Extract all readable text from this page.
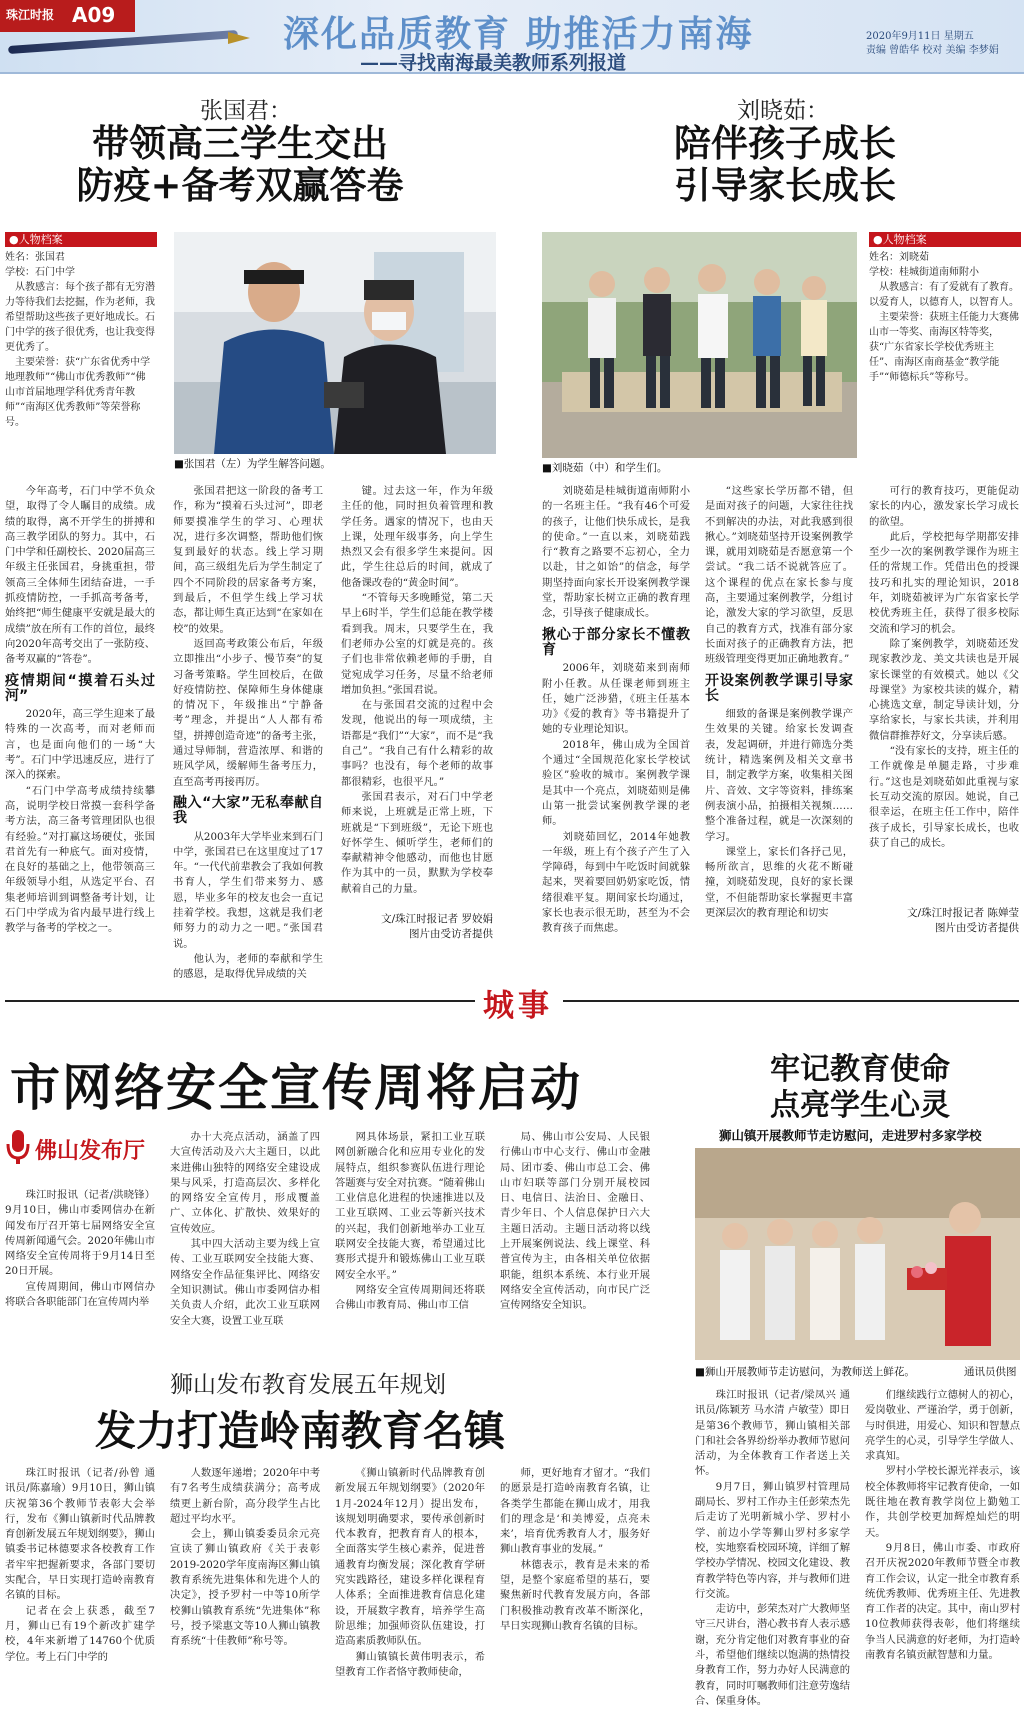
珠江时报 A09	深化品质教育 助推活力南海
——寻找南海最美教师系列报道
2020年9月11日 星期五
责编 曾皓华 校对 美编 李梦娟
张国君：
带领高三学生交出
防疫+备考双赢答卷
●人物档案
姓名：张国君
学校：石门中学
从教感言：每个孩子都有无穷潜力等待我们去挖掘，作为老师，我希望帮助这些孩子更好地成长。石门中学的孩子很优秀，也让我变得更优秀了。
主要荣誉：获“广东省优秀中学地理教师”“佛山市优秀教师”“佛山市首届地理学科优秀青年教师”“南海区优秀教师”等荣誉称号。
■张国君（左）为学生解答问题。

今年高考，石门中学不负众望，取得了令人瞩目的成绩。成绩的取得，离不开学生的拼搏和高三教学团队的努力。其中，石门中学和任副校长、2020届高三年级主任张国君，身挑重担，带领高三全体师生团结奋进，一手抓疫情防控，一手抓高考备考，始终把“师生健康平安就是最大的成绩”放在所有工作的首位，最终向2020年高考交出了一张防疫、备考双赢的“答卷”。

疫情期间“摸着石头过河”

2020年，高三学生迎来了最特殊的一次高考，而对老师而言，也是面向他们的一场“大考”。石门中学迅速反应，进行了深入的探索。

“石门中学高考成绩持续攀高，说明学校日常摸一套科学备考方法，高三备考管理团队也很有经验。”对打赢这场硬仗，张国君首先有一种底气。面对疫情，在良好的基础之上，他带领高三年级领导小组，从选定平台、召集老师培训到调整备考计划，让石门中学成为省内最早进行线上教学与备考的学校之一。

张国君把这一阶段的备考工作，称为“摸着石头过河”，即老师要摸准学生的学习、心理状况，进行多次调整，帮助他们恢复到最好的状态。线上学习期间，高三级组先后为学生制定了四个不同阶段的居家备考方案，到最后，不但学生线上学习状态，都让师生真正达到“在家如在校”的效果。

返回高考政策公布后，年级立即推出“小步子、慢节奏”的复习备考策略。学生回校后，在做好疫情防控、保障师生身体健康的情况下，年级推出“宁静备考”理念，并提出“人人都有希望，拼搏创造奇迹”的备考主张，通过导师制，营造浓厚、和谐的班风学风，缓解师生备考压力，直至高考再接再厉。

融入“大家”无私奉献自我

从2003年大学毕业来到石门中学，张国君已在这里度过了17年。“一代代前辈教会了我如何教书育人，学生们带来努力、感恩，毕业多年的校友也会一直记挂着学校。我想，这就是我们老师努力的动力之一吧。”张国君说。

他认为，老师的奉献和学生的感恩，是取得优异成绩的关

键。过去这一年，作为年级主任的他，同时担负着管理和教学任务。遇家的情况下，也由天上课，处理年级事务，向上学生热烈又会有很多学生来提问。因此，学生往总后的时间，就成了他备课改卷的“黄金时间”。

“不管每天多晚睡觉，第二天早上6时半，学生们总能在教学楼看到我。周末，只要学生在，我们老师办公室的灯就是亮的。孩子们也非常依赖老师的手册，自觉宛成学习任务，尽量不给老师增加负担。”张国君说。

在与张国君交流的过程中会发现，他说出的每一项成绩，主语都是“我们”“大家”，而不是“我自己”。“我自己有什么精彩的故事吗？也没有，每个老师的故事都很精彩，也很平凡。”

张国君表示，对石门中学老师来说，上班就是正常上班，下班就是“下到班级”，无论下班也好怀学生、倾听学生，老师们的奉献精神令他感动，而他也甘愿作为其中的一员，默默为学校奉献着自己的力量。

文/珠江时报记者 罗姣娟
图片由受访者提供
刘晓茹：
陪伴孩子成长
引导家长成长
■刘晓茹（中）和学生们。
●人物档案
姓名：刘晓茹
学校：桂城街道南师附小
从教感言：有了爱就有了教育。以爱育人，以德育人，以智育人。
主要荣誉：获班主任能力大赛佛山市一等奖、南海区特等奖，获“广东省家长学校优秀班主任”、南海区南商基金“教学能手”“师德标兵”等称号。

刘晓茹是桂城街道南师附小的一名班主任。“我有46个可爱的孩子，让他们快乐成长，是我的使命。”一直以来，刘晓茹践行“教育之路要不忘初心，全力以赴，甘之如饴”的信念，每学期坚持面向家长开设案例教学课堂，帮助家长树立正确的教育理念，引导孩子健康成长。

揪心于部分家长不懂教育

2006年，刘晓茹来到南师附小任教。从任课老师到班主任，她广泛涉猎，《班主任基本功》《爱的教育》等书籍提升了她的专业理论知识。

2018年，佛山成为全国首个通过“全国规范化家长学校试验区”验收的城市。案例教学课是其中一个亮点，刘晓茹则是佛山第一批尝试案例教学课的老师。

刘晓茹回忆，2014年她教一年级，班上有个孩子产生了入学障碍，每到中午吃饭时间就躲起来，哭着要回奶奶家吃饭，情绪很难平复。期间家长均通过，家长也表示很无助，甚至为不会教育孩子而焦虑。

“这些家长学历都不错，但是面对孩子的问题，大家往往找不到解决的办法，对此我感到很揪心。”刘晓茹坚持开设案例教学课，就用刘晓茹是否愿意第一个尝试。“我二话不说就答应了。这个课程的优点在家长参与度高，主要通过案例教学，分组讨论，激发大家的学习欲望，反思自己的教育方式，找准有部分家长面对孩子的正确教育方法，把班级管理变得更加正确地教育。”

开设案例教学课引导家长

细致的备课是案例教学课产生效果的关键。给家长发调查表，发起调研，并进行筛选分类统计，精选案例及相关文章书目，制定教学方案，收集相关图片、音效、文字等资料，排练案例表演小品，拍摄相关视频……整个准备过程，就是一次深刻的学习。

课堂上，家长们各抒己见，畅所欲言，思维的火花不断碰撞，刘晓茹发现，良好的家长课堂，不但能帮助家长掌握更丰富更深层次的教育理论和切实

可行的教育技巧，更能促动家长的内心，激发家长学习成长的欲望。

此后，学校把每学期都安排至少一次的案例教学课作为班主任的常规工作。凭借出色的授课技巧和扎实的理论知识，2018年，刘晓茹被评为广东省家长学校优秀班主任，获得了很多校际交流和学习的机会。

除了案例教学，刘晓茹还发现家教沙龙、美文共读也是开展家长课堂的有效模式。她以《父母课堂》为家校共读的媒介，精心挑选文章，制定导读计划，分享给家长，与家长共读，并利用微信群推荐好文，分享读后感。

“没有家长的支持，班主任的工作就像是单腿走路，寸步难行。”这也是刘晓茹如此重视与家长互动交流的原因。她说，自己很幸运，在班主任工作中，陪伴孩子成长，引导家长成长，也收获了自己的成长。

文/珠江时报记者 陈婵莹
图片由受访者提供
城事
市网络安全宣传周将启动
佛山发布厅

珠江时报讯（记者/洪晓锋）9月10日，佛山市委网信办在新闻发布厅召开第七届网络安全宣传周新闻通气会。2020年佛山市网络安全宣传周将于9月14日至20日开展。

宣传周期间，佛山市网信办将联合各职能部门在宣传周内举

办十大亮点活动，涵盖了四大宣传活动及六大主题日，以此来进佛山独特的网络安全建设成果与风采，打造高层次、多样化的网络安全宣传月，形成覆盖广、立体化、扩散快、效果好的宣传效应。

其中四大活动主要为线上宣传、工业互联网安全技能大赛、网络安全作品征集评比、网络安全知识测试。佛山市委网信办相关负责人介绍，此次工业互联网安全大赛，设置工业互联

网具体场景，紧扣工业互联网创新融合化和应用专业化的发展特点，组织参赛队伍进行理论答题赛与安全对抗赛。“随着佛山工业信息化进程的快速推进以及工业互联网、工业云等新兴技术的兴起，我们创新地举办工业互联网安全技能大赛，希望通过比赛形式提升和锻炼佛山工业互联网安全水平。”

网络安全宣传周期间还将联合佛山市教育局、佛山市工信

局、佛山市公安局、人民银行佛山市中心支行、佛山市金融局、团市委、佛山市总工会、佛山市妇联等部门分别开展校园日、电信日、法治日、金融日、青少年日、个人信息保护日六大主题日活动。主题日活动将以线上开展案例说法、线上课堂、科普宣传为主，由各相关单位依据职能，组织本系统、本行业开展网络安全宣传活动，向市民广泛宣传网络安全知识。

狮山发布教育发展五年规划
发力打造岭南教育名镇

珠江时报讯（记者/孙曾 通讯员/陈嘉瑜）9月10日，狮山镇庆祝第36个教师节表彰大会举行，发布《狮山镇新时代品牌教育创新发展五年规划纲要》，狮山镇委书记林德要求各校教育工作者牢牢把握新要求，各部门要切实配合，早日实现打造岭南教育名镇的目标。

记者在会上获悉，截至7月，狮山已有19个新改扩建学校，4年来新增了14760个优质学位。考上石门中学的

人数逐年递增；2020年中考有7名考生成绩获满分；高考成绩更上新台阶，高分段学生占比超过平均水平。

会上，狮山镇委委员余元亮宣读了狮山镇政府《关于表彰2019-2020学年度南海区狮山镇教育系统先进集体和先进个人的决定》，授予罗村一中等10所学校狮山镇教育系统“先进集体”称号，授予梁惠文等10人狮山镇教育系统“十佳教师”称号等。

《狮山镇新时代品牌教育创新发展五年规划纲要》（2020年1月-2024年12月）提出发布，该规划明确要求，要传承创新时代本教育，把教育育人的根本，全面落实学生核心素养，促进普通教育均衡发展；深化教育学研究实践路径，建设多样化课程育人体系；全面推进教育信息化建设，开展数字教育，培养学生高阶思维；加强师资队伍建设，打造高素质教师队伍。

狮山镇镇长黄伟明表示，希望教育工作者恪守教师使命，

师，更好地育才留才。“我们的愿景是打造岭南教育名镇，让各类学生都能在狮山成才，用我们的理念是‘和美博爱，点亮未来’，培育优秀教育人才，服务好狮山教育事业的发展。”

林德表示，教育是未来的希望，是整个家庭希望的基石，要聚焦新时代教育发展方向，各部门积极推动教育改革不断深化，早日实现狮山教育名镇的目标。

牢记教育使命
点亮学生心灵
狮山镇开展教师节走访慰问，走进罗村多家学校
■狮山开展教师节走访慰问，为教师送上鲜花。	通讯员供图

珠江时报讯（记者/梁凤兴 通讯员/陈颖芳 马水清 卢敏莹）即日是第36个教师节，狮山镇相关部门和社会各界纷纷举办教师节慰问活动，为全体教育工作者送上关怀。

9月7日，狮山镇罗村管理局副局长、罗村工作办主任彭荣杰先后走访了光明新城小学、罗村小学、前边小学等狮山罗村多家学校，实地察看校园环境，详细了解学校办学情况、校园文化建设、教育教学特色等内容，并与教师们进行交流。

走访中，彭荣杰对广大教师坚守三尺讲台，潜心教书育人表示感谢，充分肯定他们对教育事业的奋斗，希望他们继续以饱满的热情投身教育工作，努力办好人民满意的教育，同时叮嘱教师们注意劳逸结合、保重身体。

们继续践行立德树人的初心，爱岗敬业、严谨治学，勇于创新，与时俱进，用爱心、知识和智慧点亮学生的心灵，引导学生学做人、求真知。

罗村小学校长源光祥表示，该校全体教师将牢记教育使命，一如既往地在教育教学岗位上勤勉工作，共创学校更加辉煌灿烂的明天。

9月8日，佛山市委、市政府召开庆祝2020年教师节暨全市教育工作会议，认定一批全市教育系统优秀教师、优秀班主任、先进教育工作者的决定。其中，南山罗村10位教师获得表彰，他们将继续争当人民满意的好老师，为打造岭南教育名镇贡献智慧和力量。
